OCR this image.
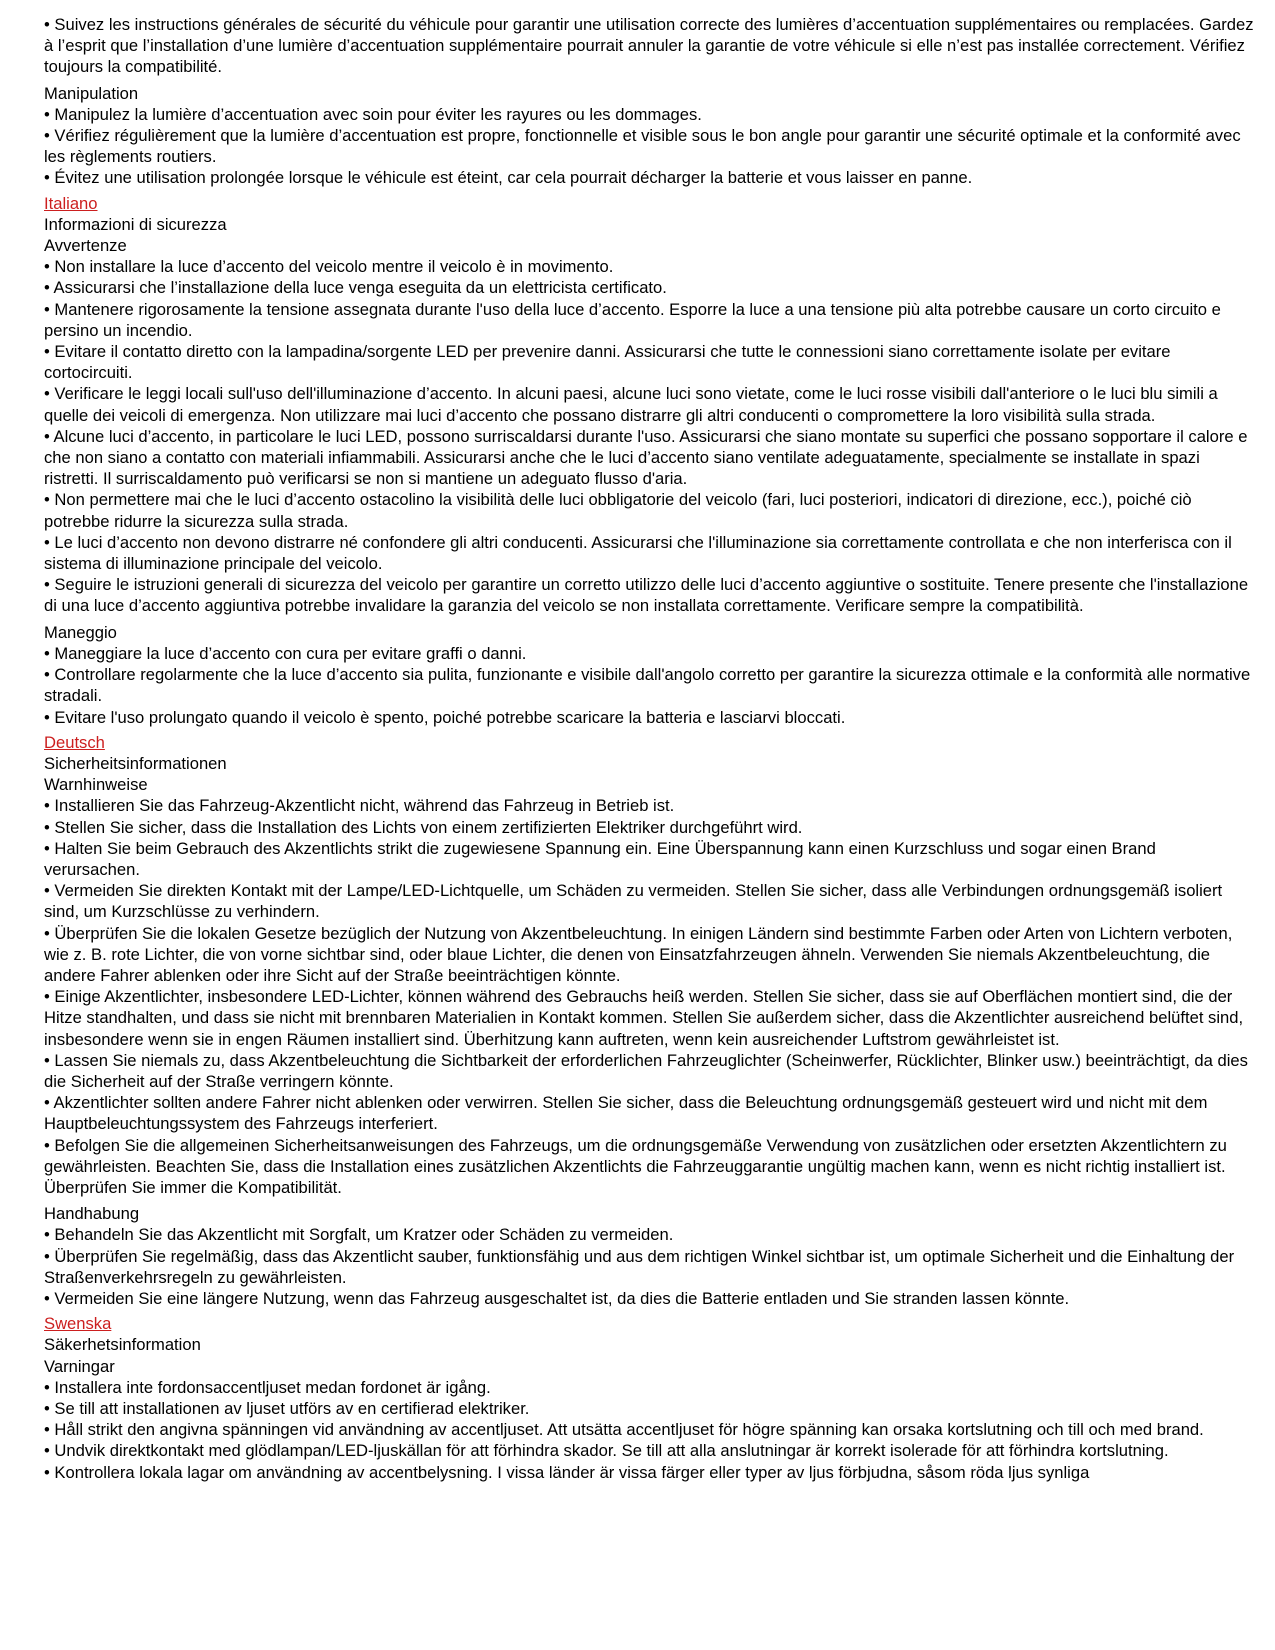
• Suivez les instructions générales de sécurité du véhicule pour garantir une utilisation correcte des lumières d’accentuation supplémentaires ou remplacées. Gardez à l’esprit que l’installation d’une lumière d’accentuation supplémentaire pourrait annuler la garantie de votre véhicule si elle n’est pas installée correctement. Vérifiez toujours la compatibilité.

Manipulation

• Manipulez la lumière d’accentuation avec soin pour éviter les rayures ou les dommages.

• Vérifiez régulièrement que la lumière d’accentuation est propre, fonctionnelle et visible sous le bon angle pour garantir une sécurité optimale et la conformité avec les règlements routiers.

• Évitez une utilisation prolongée lorsque le véhicule est éteint, car cela pourrait décharger la batterie et vous laisser en panne.

Italiano

Informazioni di sicurezza

Avvertenze

• Non installare la luce d’accento del veicolo mentre il veicolo è in movimento.

• Assicurarsi che l’installazione della luce venga eseguita da un elettricista certificato.

• Mantenere rigorosamente la tensione assegnata durante l'uso della luce d’accento. Esporre la luce a una tensione più alta potrebbe causare un corto circuito e persino un incendio.

• Evitare il contatto diretto con la lampadina/sorgente LED per prevenire danni. Assicurarsi che tutte le connessioni siano correttamente isolate per evitare cortocircuiti.

• Verificare le leggi locali sull'uso dell'illuminazione d’accento. In alcuni paesi, alcune luci sono vietate, come le luci rosse visibili dall'anteriore o le luci blu simili a quelle dei veicoli di emergenza. Non utilizzare mai luci d’accento che possano distrarre gli altri conducenti o compromettere la loro visibilità sulla strada.

• Alcune luci d’accento, in particolare le luci LED, possono surriscaldarsi durante l'uso. Assicurarsi che siano montate su superfici che possano sopportare il calore e che non siano a contatto con materiali infiammabili. Assicurarsi anche che le luci d’accento siano ventilate adeguatamente, specialmente se installate in spazi ristretti. Il surriscaldamento può verificarsi se non si mantiene un adeguato flusso d'aria.

• Non permettere mai che le luci d’accento ostacolino la visibilità delle luci obbligatorie del veicolo (fari, luci posteriori, indicatori di direzione, ecc.), poiché ciò potrebbe ridurre la sicurezza sulla strada.

• Le luci d’accento non devono distrarre né confondere gli altri conducenti. Assicurarsi che l'illuminazione sia correttamente controllata e che non interferisca con il sistema di illuminazione principale del veicolo.

• Seguire le istruzioni generali di sicurezza del veicolo per garantire un corretto utilizzo delle luci d’accento aggiuntive o sostituite. Tenere presente che l'installazione di una luce d’accento aggiuntiva potrebbe invalidare la garanzia del veicolo se non installata correttamente. Verificare sempre la compatibilità.

Maneggio

• Maneggiare la luce d’accento con cura per evitare graffi o danni.

• Controllare regolarmente che la luce d’accento sia pulita, funzionante e visibile dall'angolo corretto per garantire la sicurezza ottimale e la conformità alle normative stradali.

• Evitare l'uso prolungato quando il veicolo è spento, poiché potrebbe scaricare la batteria e lasciarvi bloccati.

Deutsch

Sicherheitsinformationen

Warnhinweise

• Installieren Sie das Fahrzeug-Akzentlicht nicht, während das Fahrzeug in Betrieb ist.

• Stellen Sie sicher, dass die Installation des Lichts von einem zertifizierten Elektriker durchgeführt wird.

• Halten Sie beim Gebrauch des Akzentlichts strikt die zugewiesene Spannung ein. Eine Überspannung kann einen Kurzschluss und sogar einen Brand verursachen.

• Vermeiden Sie direkten Kontakt mit der Lampe/LED-Lichtquelle, um Schäden zu vermeiden. Stellen Sie sicher, dass alle Verbindungen ordnungsgemäß isoliert sind, um Kurzschlüsse zu verhindern.

• Überprüfen Sie die lokalen Gesetze bezüglich der Nutzung von Akzentbeleuchtung. In einigen Ländern sind bestimmte Farben oder Arten von Lichtern verboten, wie z. B. rote Lichter, die von vorne sichtbar sind, oder blaue Lichter, die denen von Einsatzfahrzeugen ähneln. Verwenden Sie niemals Akzentbeleuchtung, die andere Fahrer ablenken oder ihre Sicht auf der Straße beeinträchtigen könnte.

• Einige Akzentlichter, insbesondere LED-Lichter, können während des Gebrauchs heiß werden. Stellen Sie sicher, dass sie auf Oberflächen montiert sind, die der Hitze standhalten, und dass sie nicht mit brennbaren Materialien in Kontakt kommen. Stellen Sie außerdem sicher, dass die Akzentlichter ausreichend belüftet sind, insbesondere wenn sie in engen Räumen installiert sind. Überhitzung kann auftreten, wenn kein ausreichender Luftstrom gewährleistet ist.

• Lassen Sie niemals zu, dass Akzentbeleuchtung die Sichtbarkeit der erforderlichen Fahrzeuglichter (Scheinwerfer, Rücklichter, Blinker usw.) beeinträchtigt, da dies die Sicherheit auf der Straße verringern könnte.

• Akzentlichter sollten andere Fahrer nicht ablenken oder verwirren. Stellen Sie sicher, dass die Beleuchtung ordnungsgemäß gesteuert wird und nicht mit dem Hauptbeleuchtungssystem des Fahrzeugs interferiert.

• Befolgen Sie die allgemeinen Sicherheitsanweisungen des Fahrzeugs, um die ordnungsgemäße Verwendung von zusätzlichen oder ersetzten Akzentlichtern zu gewährleisten. Beachten Sie, dass die Installation eines zusätzlichen Akzentlichts die Fahrzeuggarantie ungültig machen kann, wenn es nicht richtig installiert ist. Überprüfen Sie immer die Kompatibilität.

Handhabung

• Behandeln Sie das Akzentlicht mit Sorgfalt, um Kratzer oder Schäden zu vermeiden.

• Überprüfen Sie regelmäßig, dass das Akzentlicht sauber, funktionsfähig und aus dem richtigen Winkel sichtbar ist, um optimale Sicherheit und die Einhaltung der Straßenverkehrsregeln zu gewährleisten.

• Vermeiden Sie eine längere Nutzung, wenn das Fahrzeug ausgeschaltet ist, da dies die Batterie entladen und Sie stranden lassen könnte.

Swenska

Säkerhetsinformation

Varningar

• Installera inte fordonsaccentljuset medan fordonet är igång.

• Se till att installationen av ljuset utförs av en certifierad elektriker.

• Håll strikt den angivna spänningen vid användning av accentljuset. Att utsätta accentljuset för högre spänning kan orsaka kortslutning och till och med brand.

• Undvik direktkontakt med glödlampan/LED-ljuskällan för att förhindra skador. Se till att alla anslutningar är korrekt isolerade för att förhindra kortslutning.

• Kontrollera lokala lagar om användning av accentbelysning. I vissa länder är vissa färger eller typer av ljus förbjudna, såsom röda ljus synliga
